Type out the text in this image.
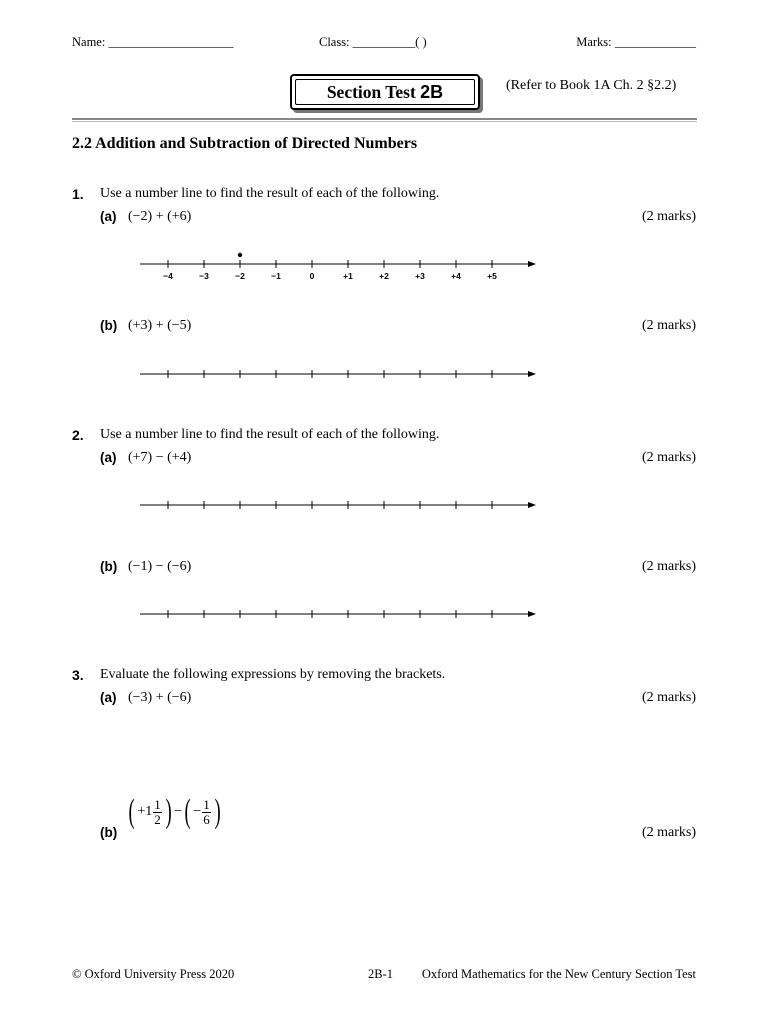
Name: ____________________	Class: __________( )	Marks: _____________
Section Test 2B	(Refer to Book 1A Ch. 2 §2.2)
2.2 Addition and Subtraction of Directed Numbers
1. Use a number line to find the result of each of the following.
(a) (−2) + (+6)	(2 marks)
−4	−3	−2	−1	0	+1	+2	+3	+4	+5
(b) (+3) + (−5)	(2 marks)
2. Use a number line to find the result of each of the following.
(a) (+7) − (+4)	(2 marks)
(b) (−1) − (−6)	(2 marks)
3. Evaluate the following expressions by removing the brackets.
(a) (−3) + (−6)	(2 marks)
(b)
( $+1 \frac{1}{2}$ ) −( − $\frac{1}{6}$ )
(2 marks)
© Oxford University Press 2020	2B-1 Oxford Mathematics for the New Century Section Test
